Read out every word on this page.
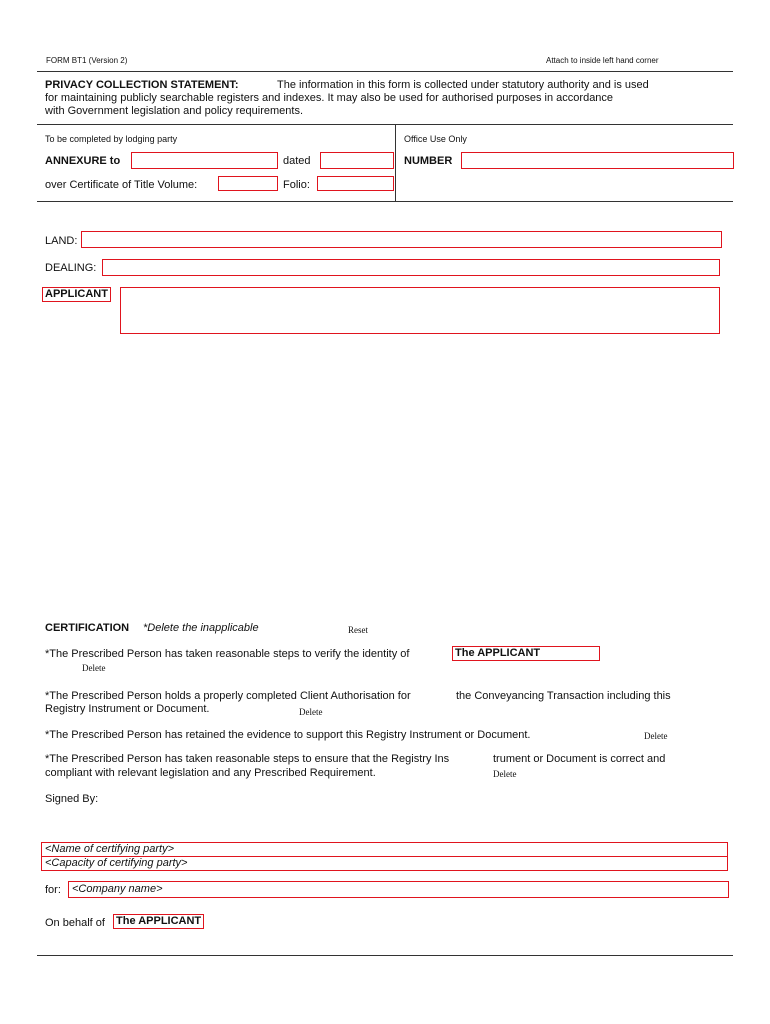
FORM BT1 (Version 2)	Attach to inside left hand corner
PRIVACY COLLECTION STATEMENT:	The information in this form is collected under statutory authority and is used
for maintaining publicly searchable registers and indexes. It may also be used for authorised purposes in accordance
with Government legislation and policy requirements.
To be completed by lodging party	Office Use Only
ANNEXURE to	dated	NUMBER
over Certificate of Title Volume:	Folio:
LAND:
DEALING:
APPLICANT
CERTIFICATION *Delete the inapplicable	Reset
*The Prescribed Person has taken reasonable steps to verify the identity of	The APPLICANT
Delete
*The Prescribed Person holds a properly completed Client Authorisation for	the Conveyancing Transaction including this
Registry Instrument or Document.	Delete
*The Prescribed Person has retained the evidence to support this Registry Instrument or Document.	Delete
*The Prescribed Person has taken reasonable steps to ensure that the Registry Ins	trument or Document is correct and
compliant with relevant legislation and any Prescribed Requirement.	Delete
Signed By:
<Name of certifying party>
<Capacity of certifying party>
for:	<Company name>
On behalf of The APPLICANT
